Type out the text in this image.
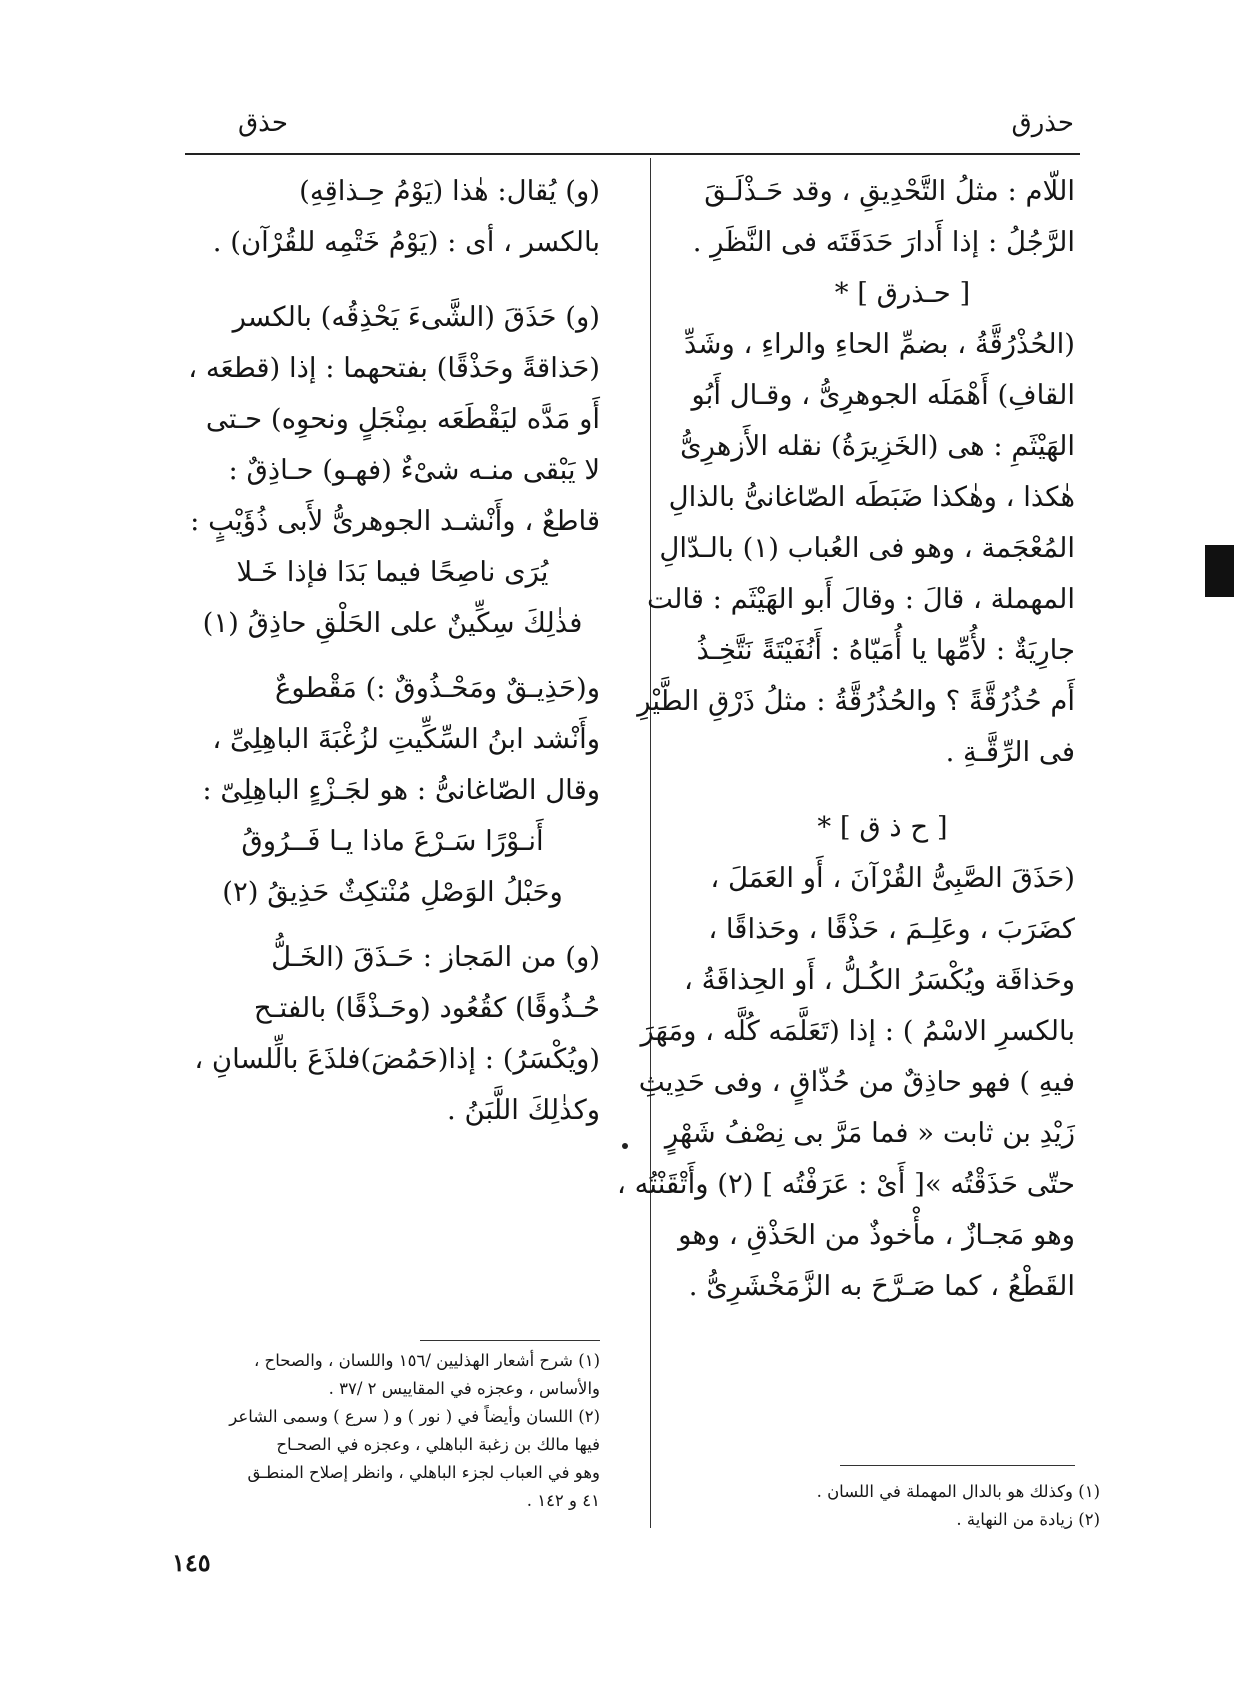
حذرق
حذق
اللّام : مثلُ التَّحْدِيقِ ، وقد حَـذْلَـقَ
الرَّجُلُ : إذا أَدارَ حَدَقَتَه فى النَّظَرِ .
[ حـذرق ] *
(الحُذْرُقَّةُ ، بضمِّ الحاءِ والراءِ ، وشَدِّ
القافِ) أَهْمَلَه الجوهرِىُّ ، وقـال أَبُو
الهَيْثَمِ : هى (الخَزِيرَةُ) نقله الأَزهرِىُّ
هٰكذا ، وهٰكذا ضَبَطَه الصّاغانىُّ بالذالِ
المُعْجَمة ، وهو فى العُباب (١) بالـدّالِ
المهملة ، قالَ : وقالَ أَبو الهَيْثَم : قالت
جارِيَةٌ : لأُمِّها يا أُمَيّاهُ : أَنُفَيْتَةً نَتَّخِـذُ
أَم حُذُرُقَّةً ؟ والحُذُرُقَّةُ : مثلُ ذَرْقِ الطَّيْرِ
فى الرِّقَّـةِ .
[ ح ذ ق ] *
(حَذَقَ الصَّبِىُّ القُرْآنَ ، أَو العَمَلَ ،
كضَرَبَ ، وعَلِـمَ ، حَذْقًا ، وحَذاقًا ،
وحَذاقَة ويُكْسَرُ الكُـلُّ ، أَو الحِذاقَةُ ،
بالكسرِ الاسْمُ ) : إذا (تَعَلَّمَه كُلَّه ، ومَهَرَ
فيهِ ) فهو حاذِقٌ من حُذّاقٍ ، وفى حَدِيثِ
زَيْدِ بن ثابت « فما مَرَّ بى نِصْفُ شَهْرٍ
حتّى حَذَقْتُه »[ أَىْ : عَرَفْتُه ] (٢) وأَتْقَنْتُه ،
وهو مَجـازٌ ، مأْخوذٌ من الحَذْقِ ، وهو
القَطْعُ ، كما صَـرَّحَ به الزَّمَخْشَرِىُّ .
(و) يُقال: هٰذا (يَوْمُ حِـذاقِهِ)
بالكسر ، أى : (يَوْمُ خَتْمِه للقُرْآن) .
(و) حَذَقَ (الشَّىءَ يَحْذِقُه) بالكسر
(حَذاقةً وحَذْقًا) بفتحهما : إذا (قطعَه ،
أَو مَدَّه ليَقْطَعَه بمِنْجَلٍ ونحوِه) حـتى
لا يَبْقى منـه شىْءٌ (فهـو) حـاذِقٌ :
قاطعٌ ، وأَنْشـد الجوهرىُّ لأَبى ذُؤَيْبٍ :
يُرَى ناصِحًا فيما بَدَا فإذا خَـلا
فذٰلِكَ سِكِّينٌ على الحَلْقِ حاذِقُ (١)
و(حَذِيـقٌ ومَحْـذُوقٌ :) مَقْطوعٌ
وأَنْشد ابنُ السِّكِّيتِ لزُغْبَةَ الباهِلِىِّ ،
وقال الصّاغانىُّ : هو لجَـزْءٍ الباهِلِىّ :
أَنـوْرًا سَـرْعَ ماذا يـا فَــرُوقُ
وحَبْلُ الوَصْلِ مُنْتكِثٌ حَذِيقُ (٢)
(و) من المَجاز : حَـذَقَ (الخَـلُّ
حُـذُوقًا) كقُعُود (وحَـذْقًا) بالفتـح
(ويُكْسَرُ) : إذا(حَمُضَ)فلذَعَ بالِّلسانِ ،
وكذٰلِكَ اللَّبَنُ .
(١) وكذلك هو بالدال المهملة في اللسان .
(٢) زيادة من النهاية .
(١) شرح أشعار الهذليين /١٥٦ واللسان ، والصحاح ،
والأساس ، وعجزه في المقاييس ٢ /٣٧ .
(٢) اللسان وأيضاً في ( نور ) و ( سرع ) وسمى الشاعر
فيها مالك بن زغبة الباهلي ، وعجزه في الصحـاح
وهو في العباب لجزء الباهلي ، وانظر إصلاح المنطـق
٤١ و ١٤٢ .
١٤٥
